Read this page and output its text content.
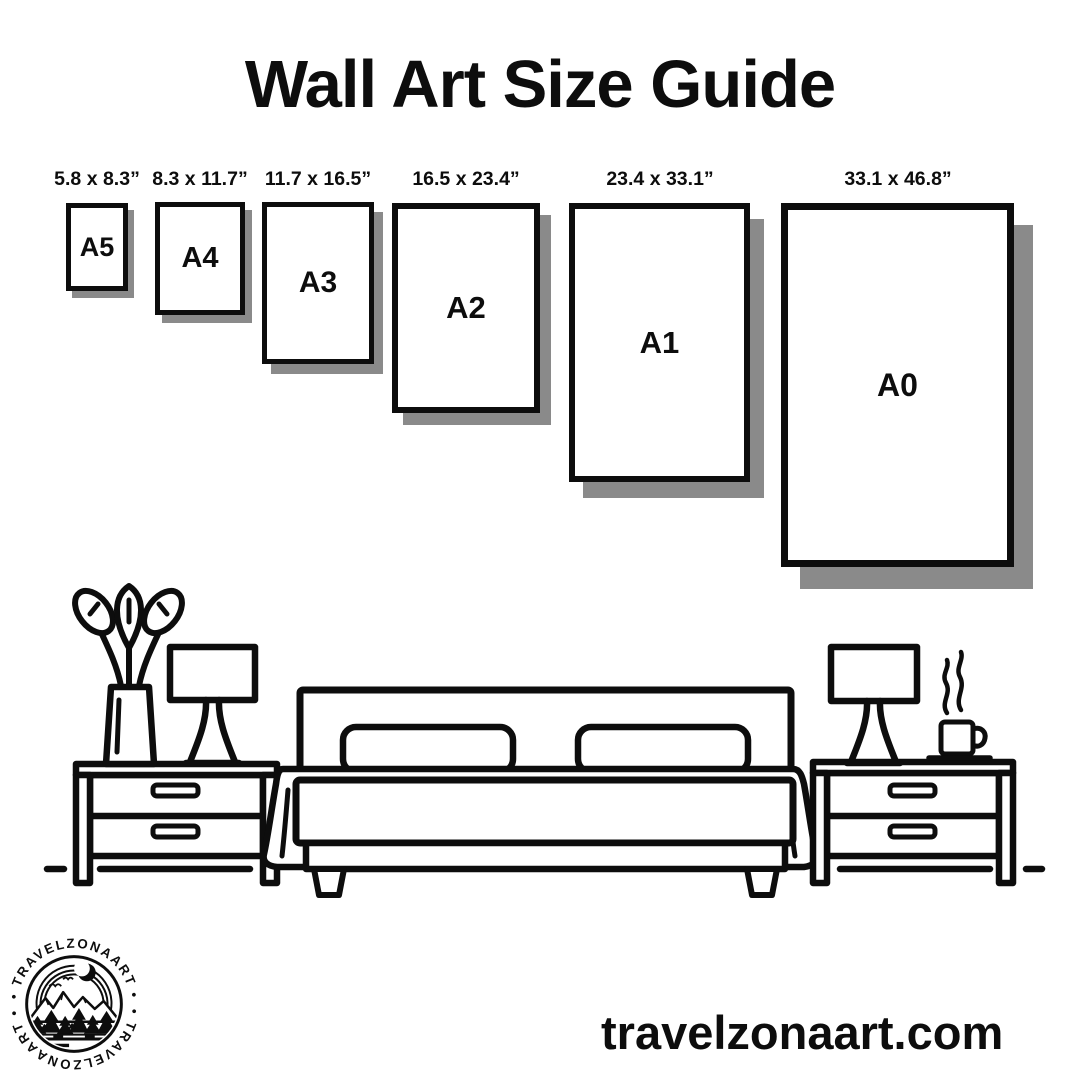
Wall Art Size Guide
5.8 x 8.3” 8.3 x 11.7” 11.7 x 16.5”	16.5 x 23.4”	23.4 x 33.1”	33.1 x 46.8”
A5 A4
A3
A2
A1
A0
• TRAVELZONAART •
• TRAVELZONAART •	travelzonaart.com
